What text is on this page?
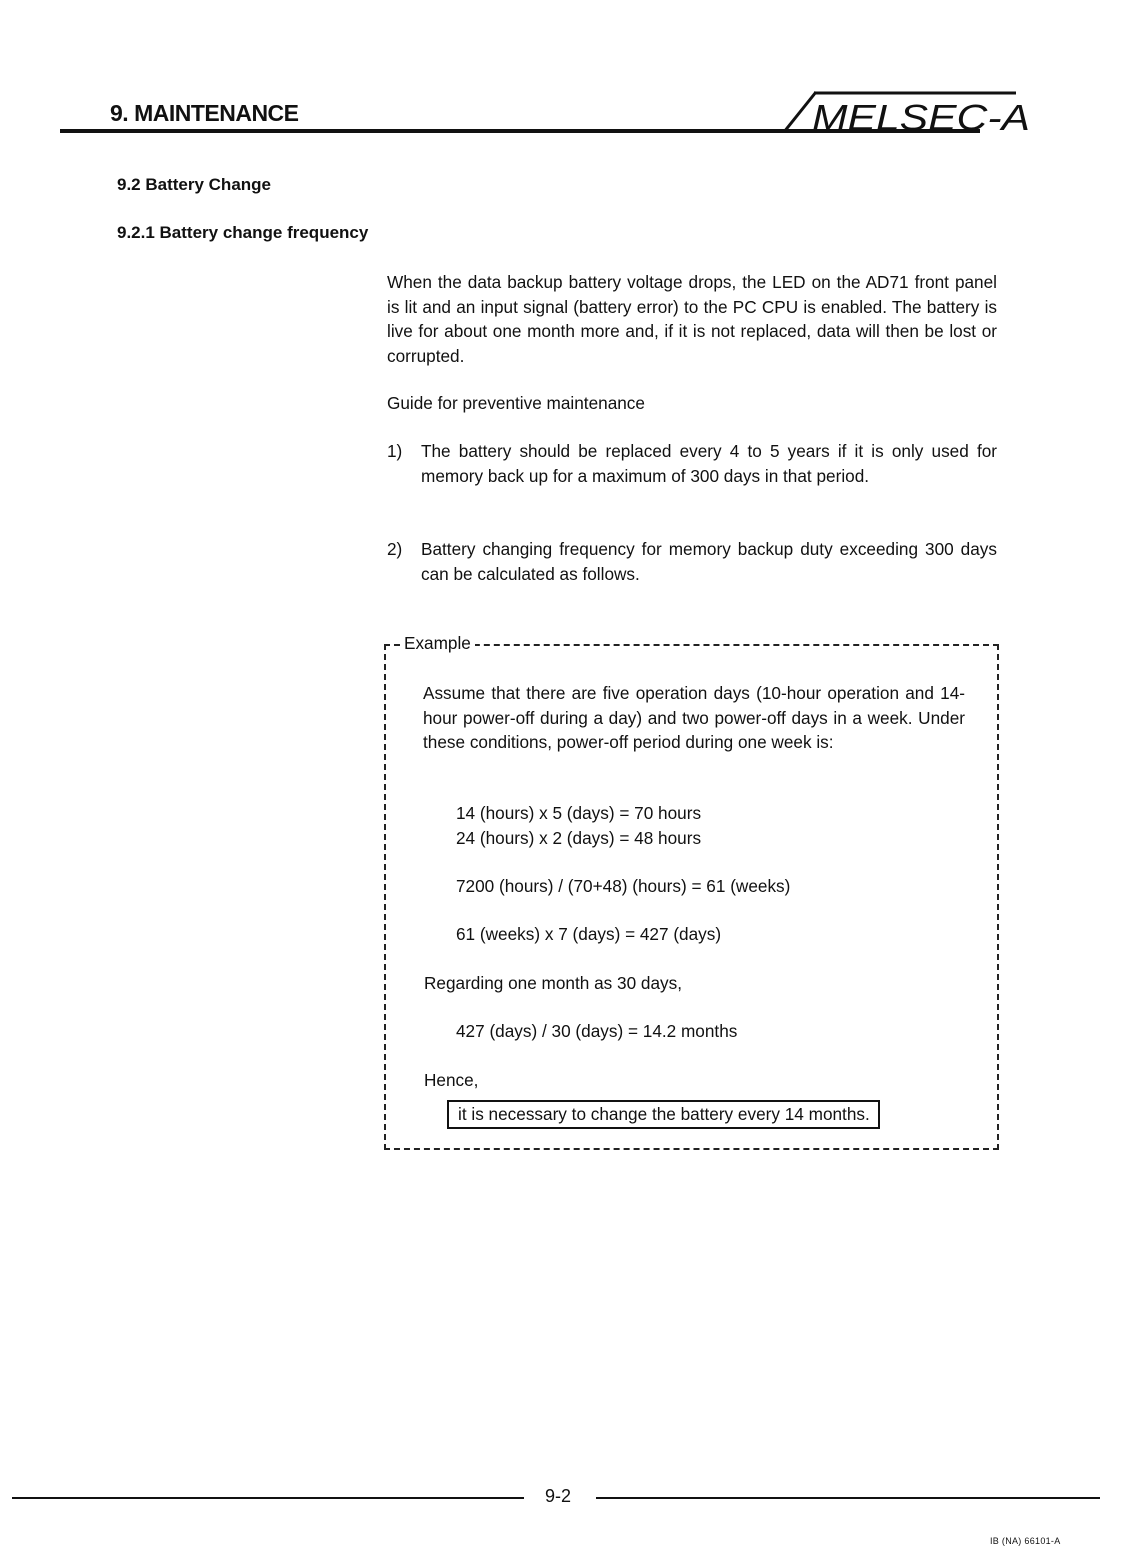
9. MAINTENANCE	MELSEC-A
9.2 Battery Change
9.2.1 Battery change frequency
When the data backup battery voltage drops, the LED on the AD71 front panel is lit and an input signal (battery error) to the PC CPU is enabled. The battery is live for about one month more and, if it is not replaced, data will then be lost or corrupted.
Guide for preventive maintenance
1) The battery should be replaced every 4 to 5 years if it is only used for memory back up for a maximum of 300 days in that period.
2) Battery changing frequency for memory backup duty exceeding 300 days can be calculated as follows.
Example
Assume that there are five operation days (10-hour operation and 14-hour power-off during a day) and two power-off days in a week. Under these conditions, power-off period during one week is:
14 (hours) x 5 (days) = 70 hours
24 (hours) x 2 (days) = 48 hours
7200 (hours) / (70+48) (hours) = 61 (weeks)
61 (weeks) x 7 (days) = 427 (days)
Regarding one month as 30 days,
427 (days) / 30 (days) = 14.2 months
Hence,
it is necessary to change the battery every 14 months.
9-2
IB (NA) 66101-A
